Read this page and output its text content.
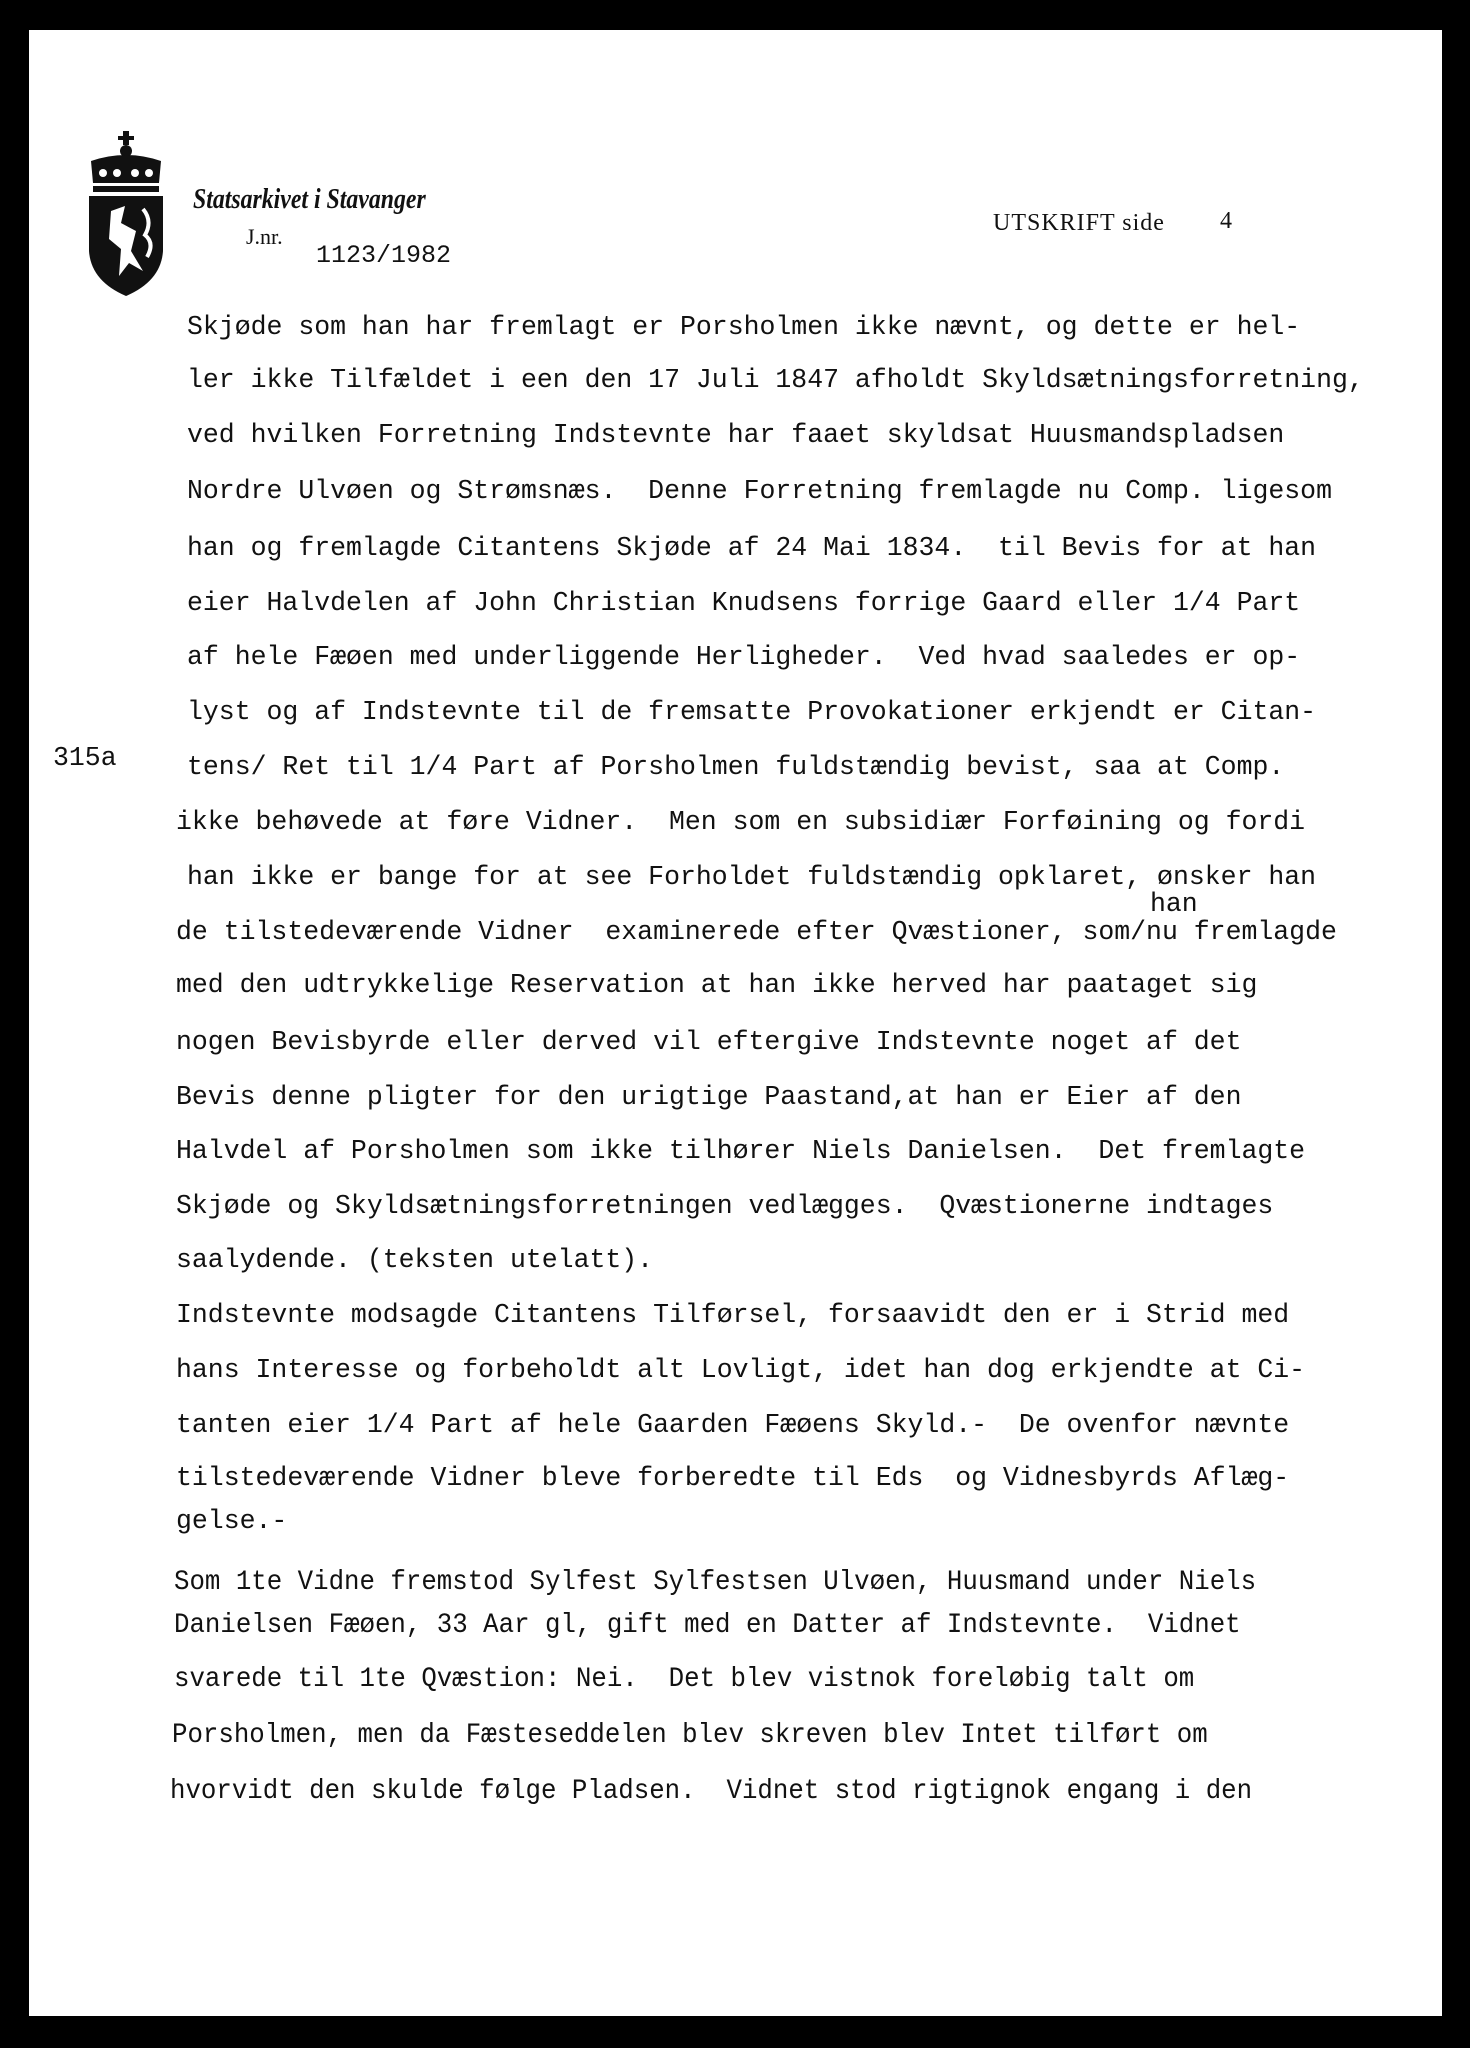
Statsarkivet i Stavanger
J.nr.
1123/1982
UTSKRIFT side 4
315a
han
Skjøde som han har fremlagt er Porsholmen ikke nævnt, og dette er hel-
ler ikke Tilfældet i een den 17 Juli 1847 afholdt Skyldsætningsforretning,
ved hvilken Forretning Indstevnte har faaet skyldsat Huusmandspladsen
Nordre Ulvøen og Strømsnæs.  Denne Forretning fremlagde nu Comp. ligesom
han og fremlagde Citantens Skjøde af 24 Mai 1834.  til Bevis for at han
eier Halvdelen af John Christian Knudsens forrige Gaard eller 1/4 Part
af hele Fæøen med underliggende Herligheder.  Ved hvad saaledes er op-
lyst og af Indstevnte til de fremsatte Provokationer erkjendt er Citan-
tens/ Ret til 1/4 Part af Porsholmen fuldstændig bevist, saa at Comp.
ikke behøvede at føre Vidner.  Men som en subsidiær Forføining og fordi
han ikke er bange for at see Forholdet fuldstændig opklaret, ønsker han
de tilstedeværende Vidner  examinerede efter Qvæstioner, som/nu fremlagde
med den udtrykkelige Reservation at han ikke herved har paataget sig
nogen Bevisbyrde eller derved vil eftergive Indstevnte noget af det
Bevis denne pligter for den urigtige Paastand,at han er Eier af den
Halvdel af Porsholmen som ikke tilhører Niels Danielsen.  Det fremlagte
Skjøde og Skyldsætningsforretningen vedlægges.  Qvæstionerne indtages
saalydende. (teksten utelatt).
Indstevnte modsagde Citantens Tilførsel, forsaavidt den er i Strid med
hans Interesse og forbeholdt alt Lovligt, idet han dog erkjendte at Ci-
tanten eier 1/4 Part af hele Gaarden Fæøens Skyld.-  De ovenfor nævnte
tilstedeværende Vidner bleve forberedte til Eds  og Vidnesbyrds Aflæg-
gelse.-
Som 1te Vidne fremstod Sylfest Sylfestsen Ulvøen, Huusmand under Niels
Danielsen Fæøen, 33 Aar gl, gift med en Datter af Indstevnte.  Vidnet
svarede til 1te Qvæstion: Nei.  Det blev vistnok foreløbig talt om
Porsholmen, men da Fæsteseddelen blev skreven blev Intet tilført om
hvorvidt den skulde følge Pladsen.  Vidnet stod rigtignok engang i den
